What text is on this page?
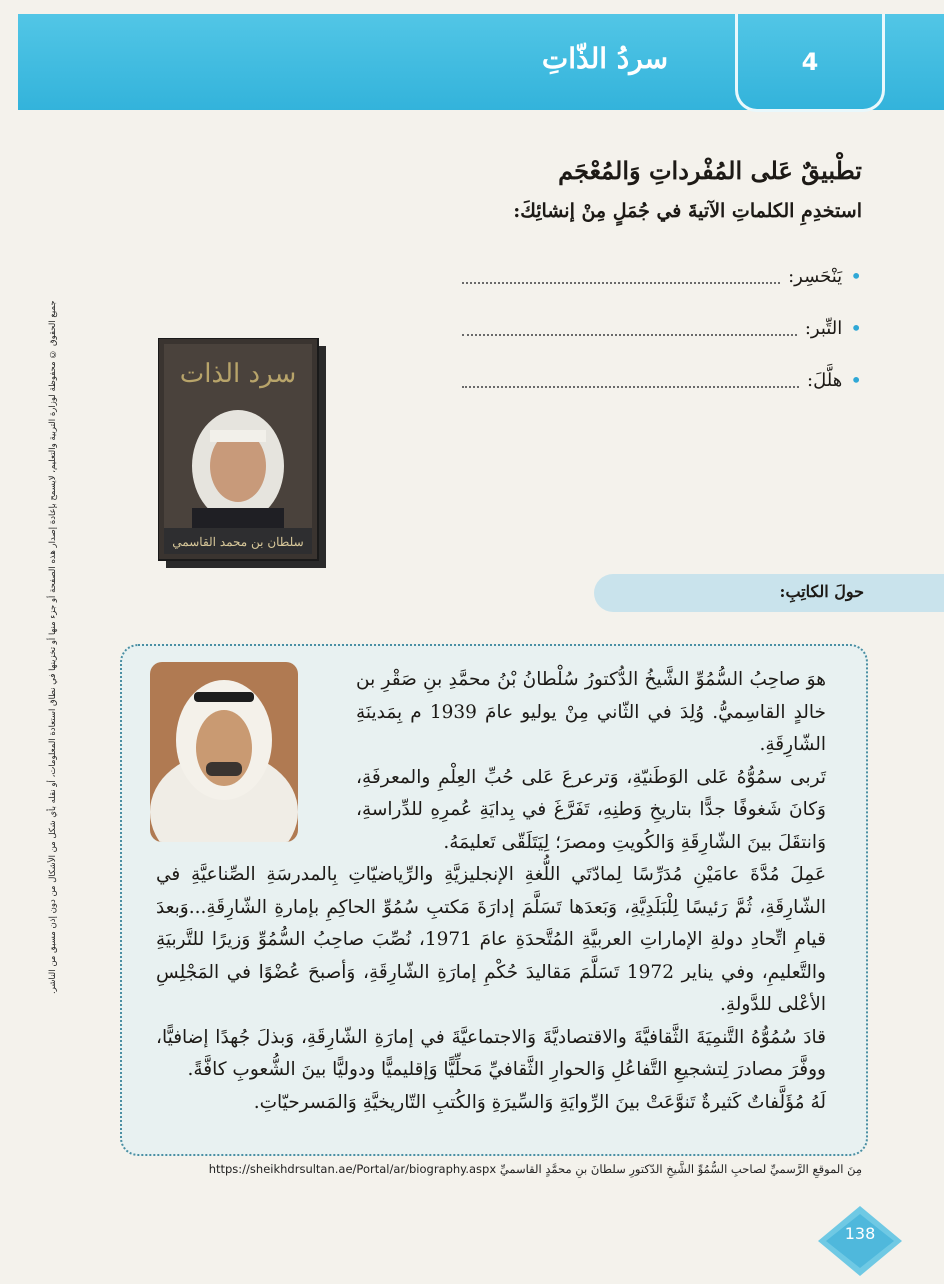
سردُ الذّاتِ	4
تطْبيقٌ عَلى المُفْرداتِ وَالمُعْجَم
استخدِمِ الكلماتِ الآتيةَ في جُمَلٍ مِنْ إنشائِكَ:
•
يَنْحَسِر:
•
التِّبر:
•
هلَّلَ:
جميع الحقوق © محفوظة لوزارة التربية والتعليم، لايسمح بإعادة إصدار هذه الصفحة أو جزء منها أو تخزينها في نطاق استعادة المعلومات، أو نقله بأي شكل من الأشكال من دون إذن مسبق من الناشر.	سرد الذات
سلطان بن محمد القاسمي
حولَ الكاتِبِ:

هوَ صاحِبُ السُّمُوِّ الشَّيخُ الدُّكتورُ سُلْطانُ بْنُ محمَّدِ بنِ صَقْرِ بن خالدٍ القاسِميُّ. وُلِدَ في الثّاني مِنْ يوليو عامَ 1939 م بِمَدينَةِ الشّارِقَةِ.

تَربى سمُوُّهُ عَلى الوَطَنيّةِ، وَترعرعَ عَلى حُبِّ العِلْمِ والمعرفَةِ، وَكانَ شَغوفًا جدًّا بتاريخِ وَطنِهِ، تَفَرَّغَ في بِدايَةِ عُمرِهِ للدِّراسةِ، وَانتقَلَ بينَ الشّارِقَةِ وَالكُويتِ ومصرَ؛ لِيَتَلَقّى تَعليمَهُ.

عَمِلَ مُدَّةَ عامَيْنِ مُدَرِّسًا لِمادّتَي اللُّغةِ الإنجليزيَّةِ والرِّياضيّاتِ بِالمدرسَةِ الصِّناعيَّةِ في الشّارِقَةِ، ثُمَّ رَئيسًا لِلْبَلَدِيَّةِ، وَبَعدَها تَسَلَّمَ إدارَةَ مَكتبِ سُمُوِّ الحاكِمِ بإمارةِ الشّارِقَةِ...وَبعدَ قيامِ اتِّحادِ دولةِ الإماراتِ العربيَّةِ المُتَّحدَةِ عامَ 1971، نُصِّبَ صاحِبُ السُّمُوِّ وَزيرًا للتَّربيَةِ والتَّعليمِ، وفي يناير 1972 تَسَلَّمَ مَقاليدَ حُكْمِ إمارَةِ الشّارِقَةِ، وَأصبحَ عُضْوًا في المَجْلِسِ الأعْلى للدَّولةِ.

قادَ سُمُوُّهُ التَّنمِيَةَ الثَّقافيَّةَ والاقتصاديَّةَ وَالاجتماعيَّةَ في إمارَةِ الشّارِقَةِ، وَبذلَ جُهدًا إضافيًّا، ووفَّرَ مصادرَ لِتشجيعِ التَّفاعُلِ وَالحوارِ الثَّقافيِّ مَحلِّيًّا وَإقليميًّا ودوليًّا بينَ الشُّعوبِ كافَّةً.

لَهُ مُؤَلَّفاتٌ كَثيرةٌ تَنوَّعَتْ بينَ الرِّوايَةِ وَالسِّيرَةِ وَالكُتبِ التّاريخيَّةِ وَالمَسرحيّاتِ.

مِنَ الموقعِ الرَّسميِّ لصاحبِ السُّمُوِّ الشَّيخِ الدّكتورِ سلطانَ بنِ محمَّدٍ القاسميِّ https://sheikhdrsultan.ae/Portal/ar/biography.aspx
138
